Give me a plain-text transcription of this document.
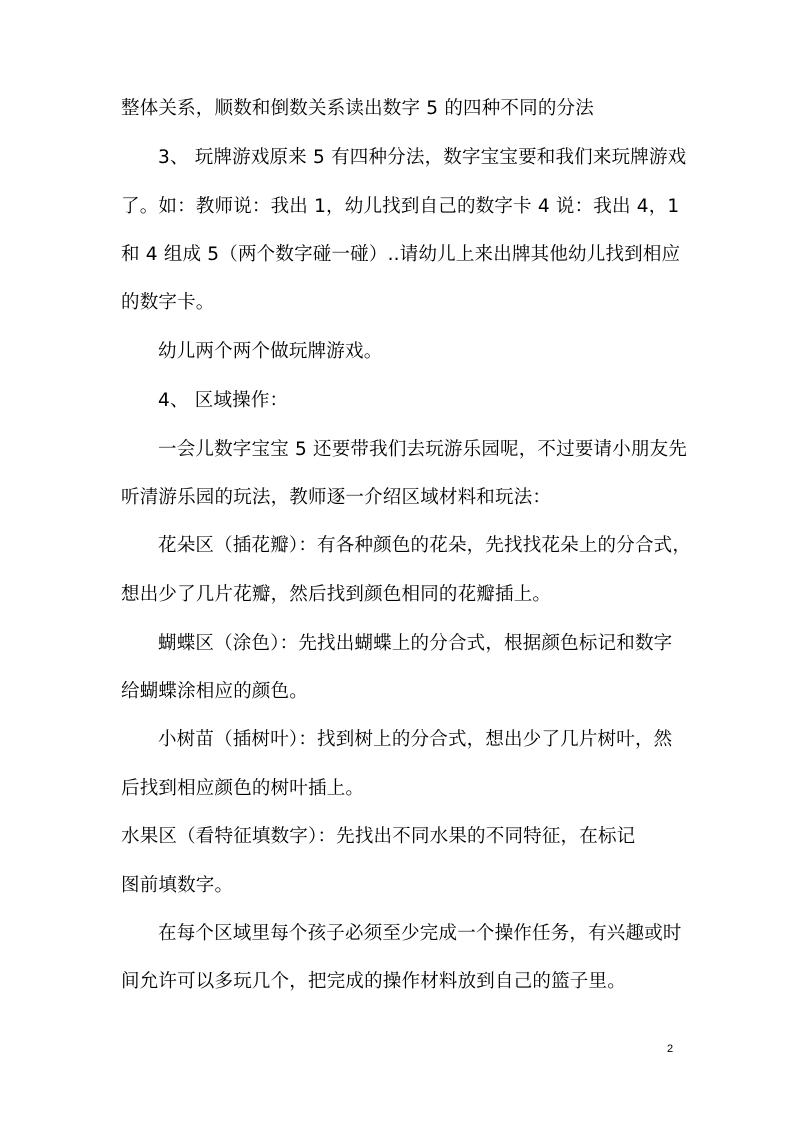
整体关系，顺数和倒数关系读出数字 5 的四种不同的分法
3、 玩牌游戏原来 5 有四种分法，数字宝宝要和我们来玩牌游戏
了。如：教师说：我出 1，幼儿找到自己的数字卡 4 说：我出 4，1
和 4 组成 5（两个数字碰一碰）..请幼儿上来出牌其他幼儿找到相应
的数字卡。
幼儿两个两个做玩牌游戏。
4、 区域操作：
一会儿数字宝宝 5 还要带我们去玩游乐园呢，不过要请小朋友先
听清游乐园的玩法，教师逐一介绍区域材料和玩法：
花朵区（插花瓣）：有各种颜色的花朵，先找找花朵上的分合式，
想出少了几片花瓣，然后找到颜色相同的花瓣插上。
蝴蝶区（涂色）：先找出蝴蝶上的分合式，根据颜色标记和数字
给蝴蝶涂相应的颜色。
小树苗（插树叶）：找到树上的分合式，想出少了几片树叶，然
后找到相应颜色的树叶插上。
水果区（看特征填数字）：先找出不同水果的不同特征，在标记
图前填数字。
在每个区域里每个孩子必须至少完成一个操作任务，有兴趣或时
间允许可以多玩几个，把完成的操作材料放到自己的篮子里。
2
